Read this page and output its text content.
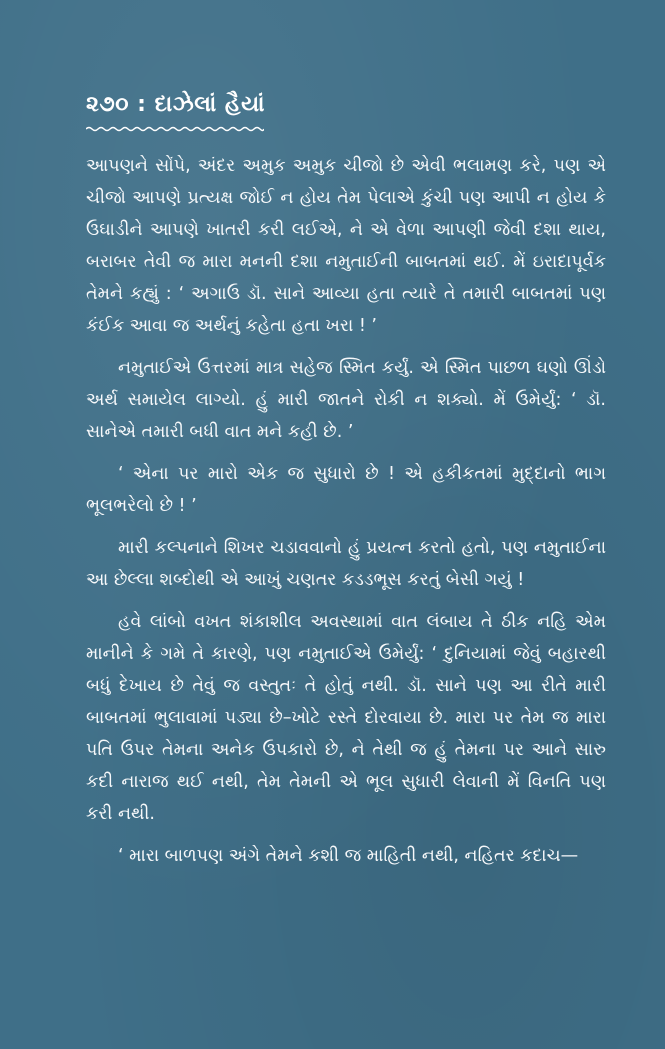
૨૭૦ : દાઝેલાં હૈયાં

આપણને સોંપે, અંદર અમુક અમુક ચીજો છે એવી ભલામણ કરે, પણ એ ચીજો આપણે પ્રત્યક્ષ જોઈ ન હોય તેમ પેલાએ કુંચી પણ આપી ન હોય કે ઉઘાડીને આપણે ખાતરી કરી લઈએ, ને એ વેળા આપણી જેવી દશા થાય, બરાબર તેવી જ મારા મનની દશા નમુતાઈની બાબતમાં થઈ. મેં ઇરાદાપૂર્વક તેમને કહ્યું : ‘ અગાઉ ડૉ. સાને આવ્યા હતા ત્યારે તે તમારી બાબતમાં પણ કંઈક આવા જ અર્થનું કહેતા હતા ખરા ! ’

નમુતાઈએ ઉત્તરમાં માત્ર સહેજ સ્મિત કર્યું. એ સ્મિત પાછળ ઘણો ઊંડો અર્થ સમાયેલ લાગ્યો. હું મારી જાતને રોકી ન શક્યો. મેં ઉમેર્યું: ‘ ડૉ. સાનેએ તમારી બધી વાત મને કહી છે. ’

‘ એના પર મારો એક જ સુધારો છે ! એ હકીકતમાં મુદ્દાનો ભાગ ભૂલભરેલો છે ! ’

મારી કલ્પનાને શિખર ચડાવવાનો હું પ્રયત્ન કરતો હતો, પણ નમુતાઈના આ છેલ્લા શબ્દોથી એ આખું ચણતર કડડભૂસ કરતું બેસી ગયું !

હવે લાંબો વખત શંકાશીલ અવસ્થામાં વાત લંબાય તે ઠીક નહિ એમ માનીને કે ગમે તે કારણે, પણ નમુતાઈએ ઉમેર્યું: ‘ દુનિયામાં જેવું બહારથી બધું દેખાય છે તેવું જ વસ્તુતઃ તે હોતું નથી. ડૉ. સાને પણ આ રીતે મારી બાબતમાં ભુલાવામાં પડ્યા છે–ખોટે રસ્તે દોરવાયા છે. મારા પર તેમ જ મારા પતિ ઉપર તેમના અનેક ઉપકારો છે, ને તેથી જ હું તેમના પર આને સારુ કદી નારાજ થઈ નથી, તેમ તેમની એ ભૂલ સુધારી લેવાની મેં વિનતિ પણ કરી નથી.

‘ મારા બાળપણ અંગે તેમને કશી જ માહિતી નથી, નહિતર કદાચ—
